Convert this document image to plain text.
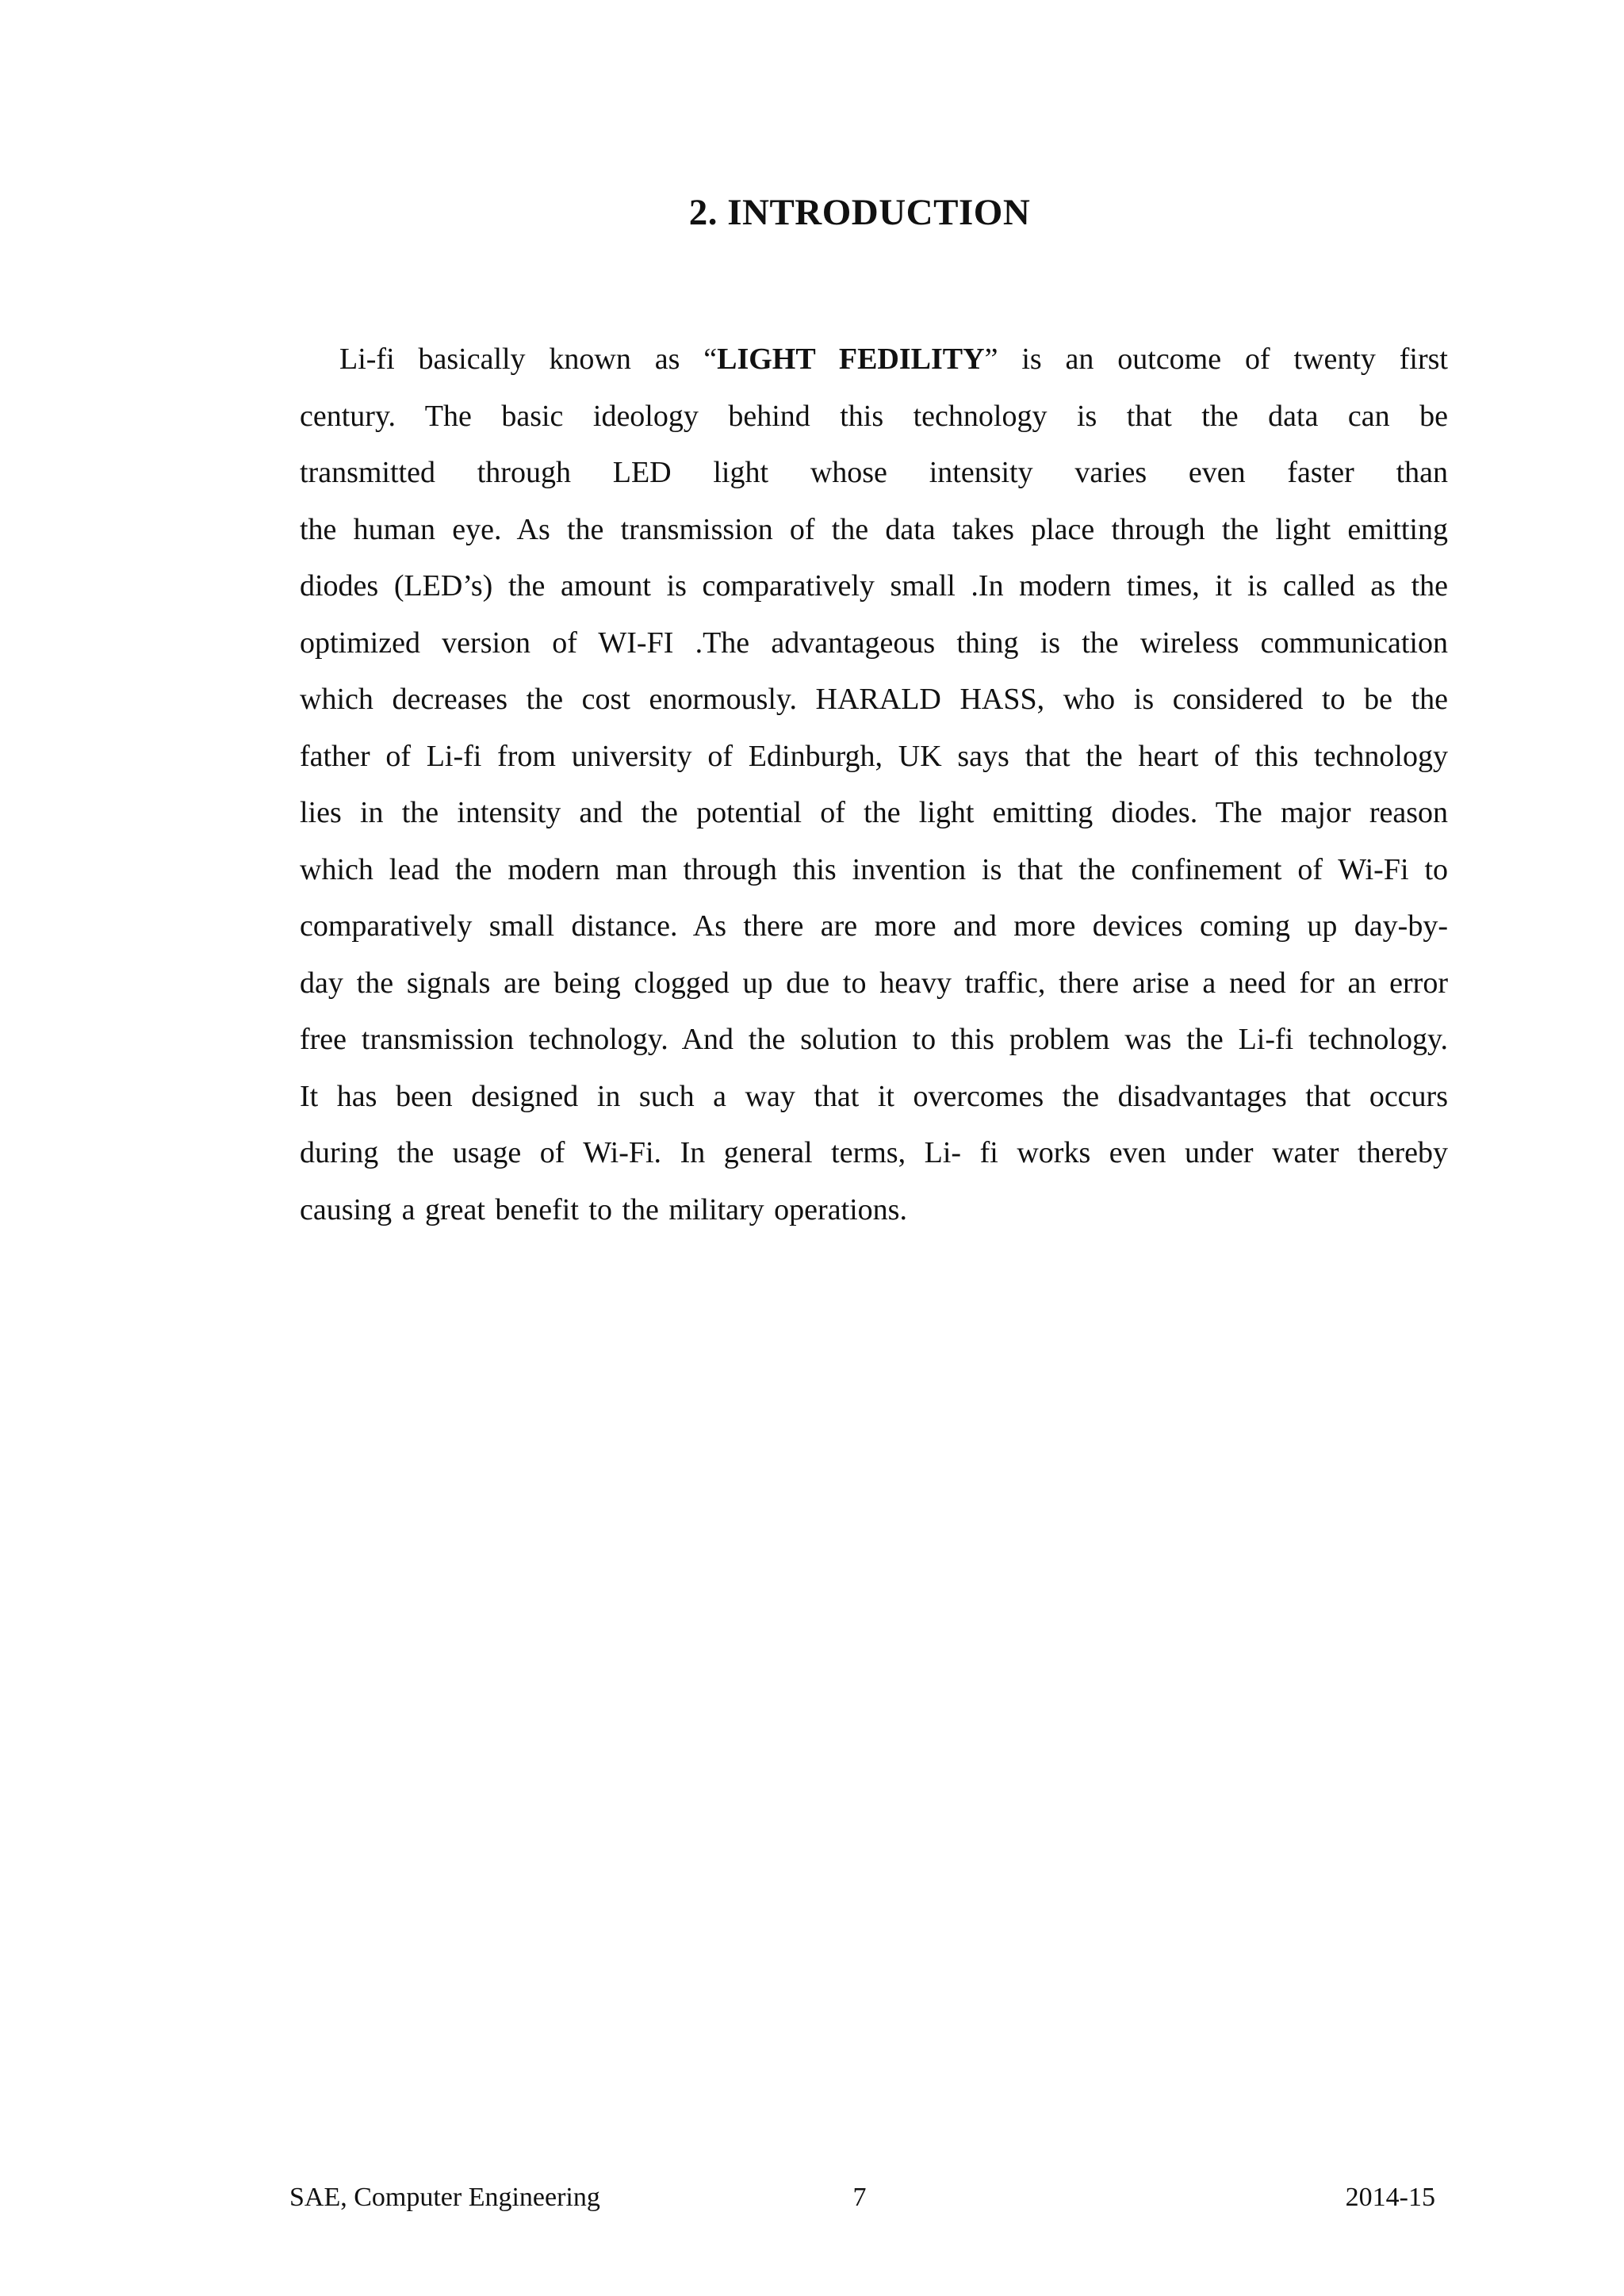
2. INTRODUCTION
Li-fi basically known as “LIGHT FEDILITY” is an outcome of twenty first
century. The basic ideology behind this technology is that the data can be
transmitted through LED light whose intensity varies even faster than
the human eye. As the transmission of the data takes place through the light emitting
diodes (LED’s) the amount is comparatively small .In modern times, it is called as the
optimized version of WI-FI .The advantageous thing is the wireless communication
which decreases the cost enormously. HARALD HASS, who is considered to be the
father of Li-fi from university of Edinburgh, UK says that the heart of this technology
lies in the intensity and the potential of the light emitting diodes. The major reason
which lead the modern man through this invention is that the confinement of Wi-Fi to
comparatively small distance. As there are more and more devices coming up day-by-
day the signals are being clogged up due to heavy traffic, there arise a need for an error
free transmission technology. And the solution to this problem was the Li-fi technology.
It has been designed in such a way that it overcomes the disadvantages that occurs
during the usage of Wi-Fi. In general terms, Li- fi works even under water thereby
causing a great benefit to the military operations.
SAE, Computer Engineering	7	2014-15
